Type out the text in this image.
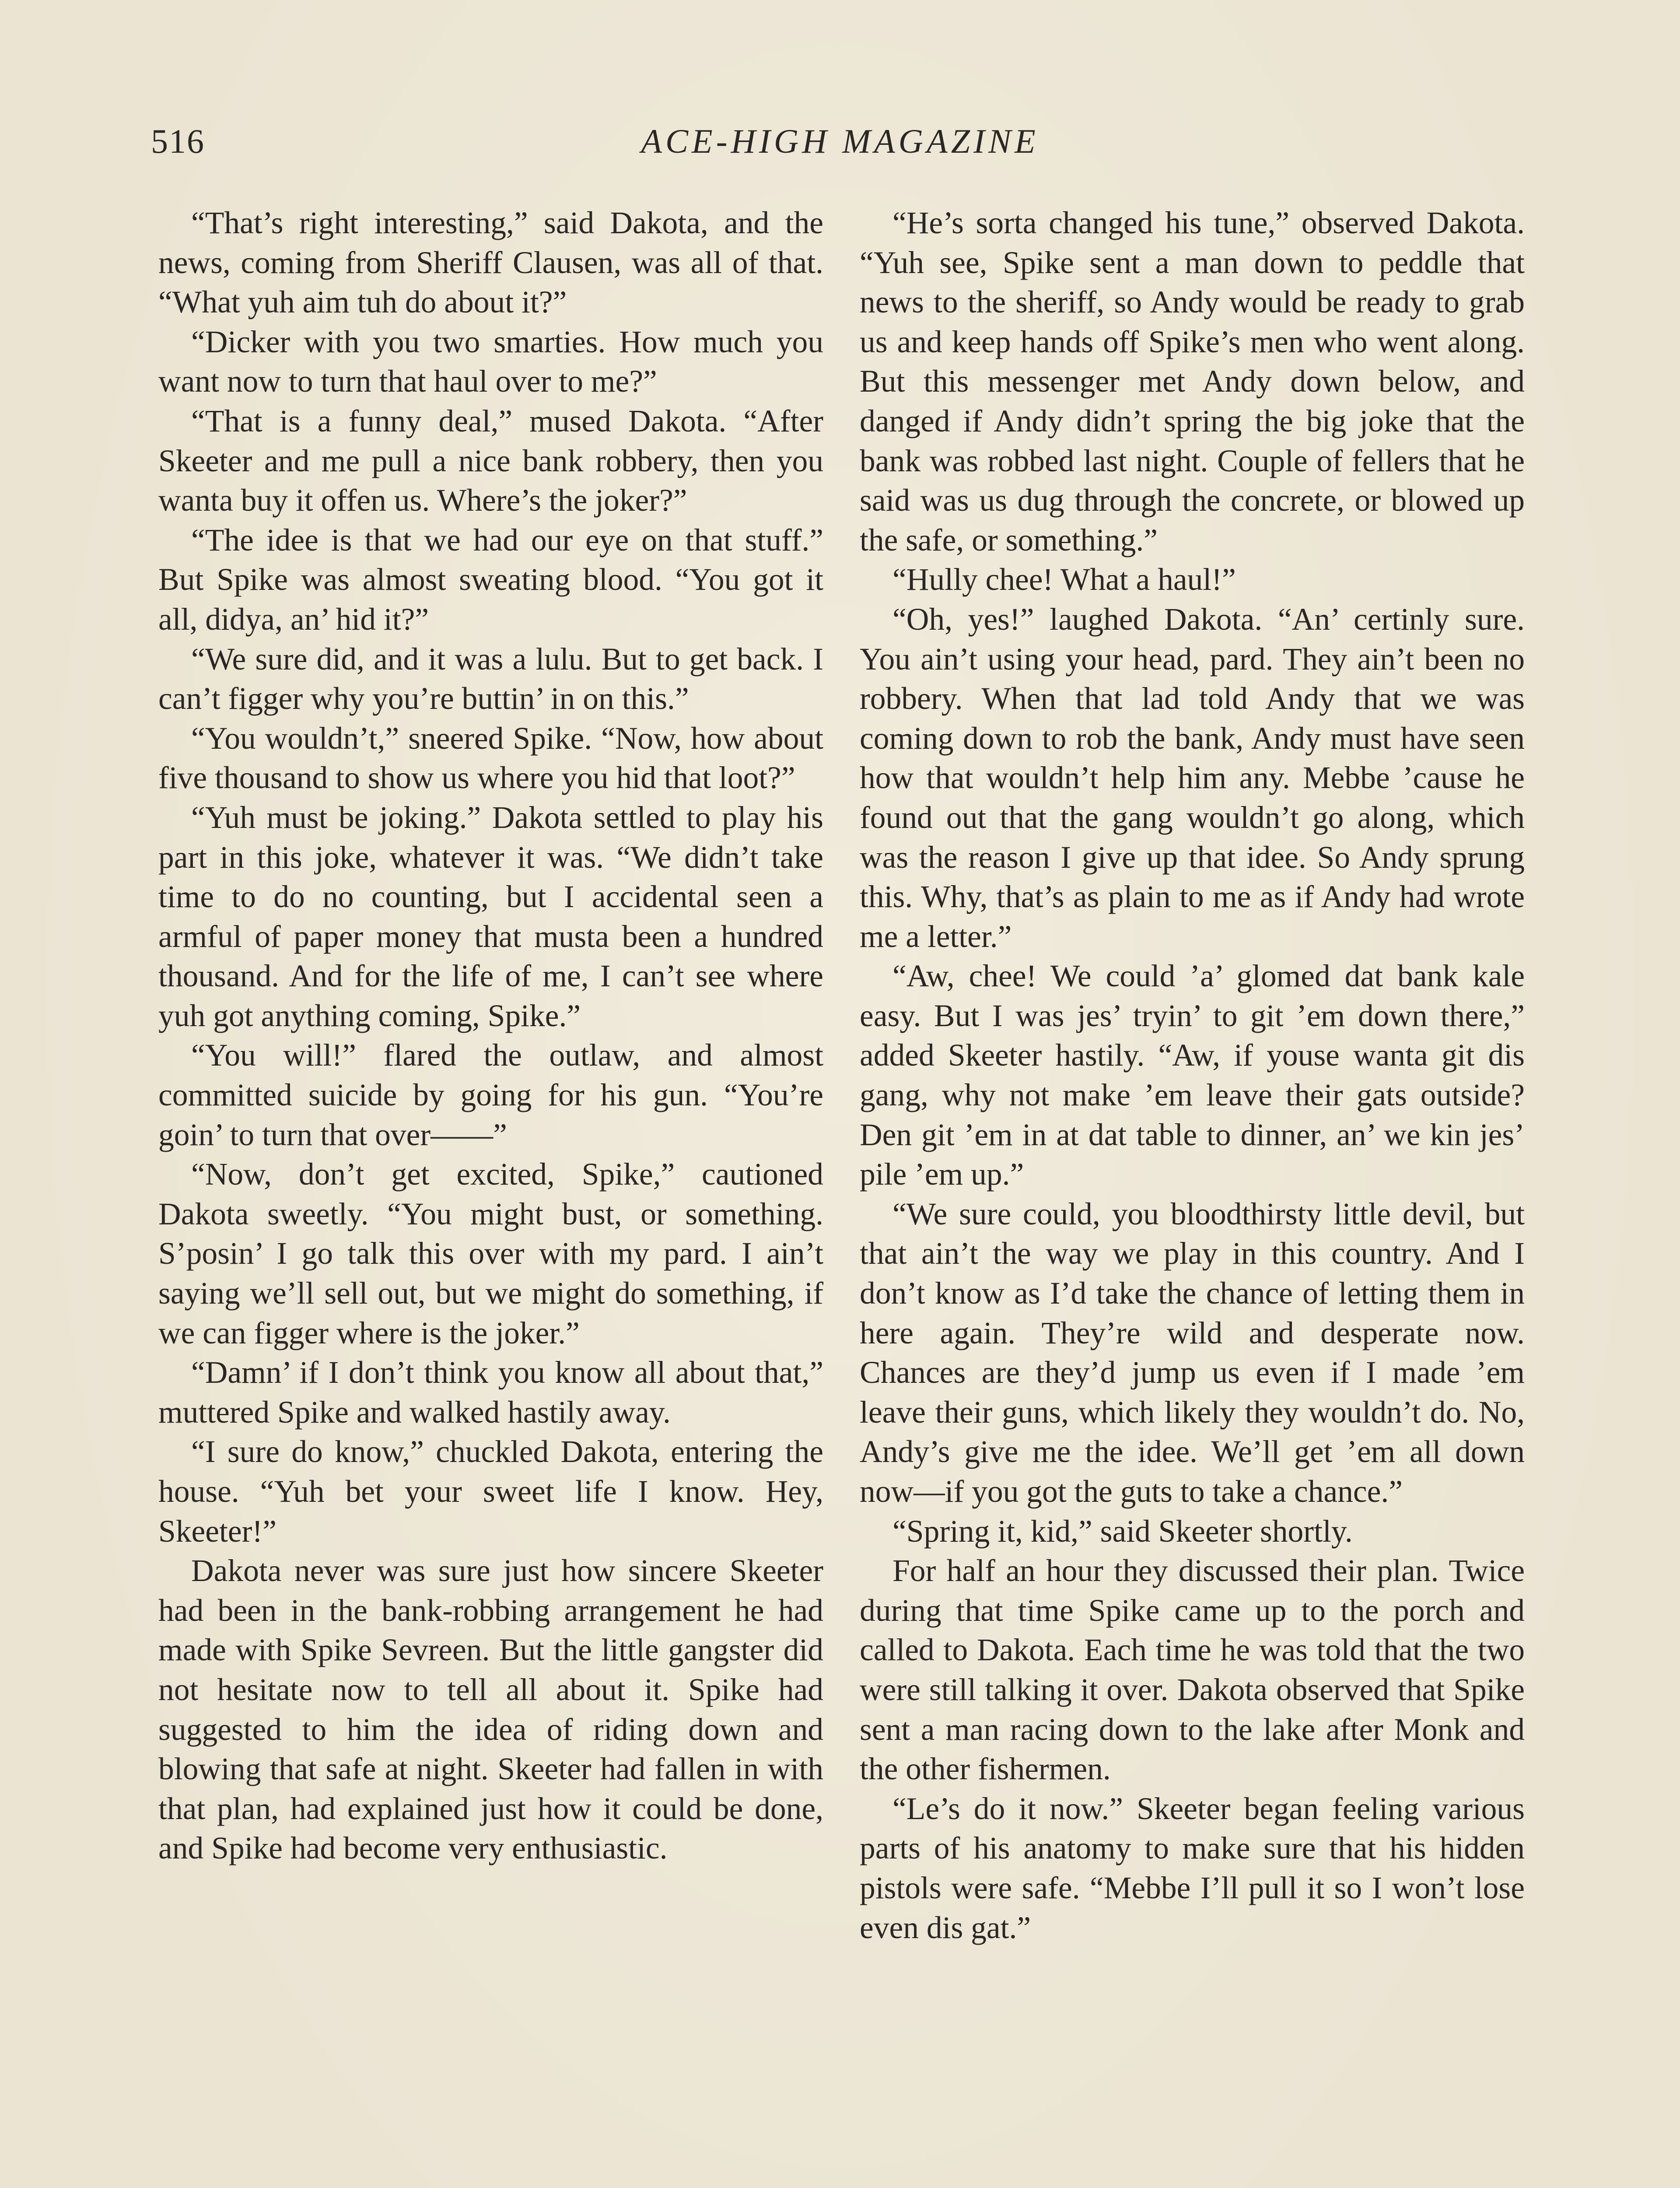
516	ACE-HIGH MAGAZINE

“That’s right interesting,” said Dakota, and the news, coming from Sheriff Clausen, was all of that. “What yuh aim tuh do about it?”

“Dicker with you two smarties. How much you want now to turn that haul over to me?”

“That is a funny deal,” mused Dakota. “After Skeeter and me pull a nice bank robbery, then you wanta buy it offen us. Where’s the joker?”

“The idee is that we had our eye on that stuff.” But Spike was almost sweating blood. “You got it all, didya, an’ hid it?”

“We sure did, and it was a lulu. But to get back. I can’t figger why you’re buttin’ in on this.”

“You wouldn’t,” sneered Spike. “Now, how about five thousand to show us where you hid that loot?”

“Yuh must be joking.” Dakota settled to play his part in this joke, whatever it was. “We didn’t take time to do no counting, but I accidental seen a armful of paper money that musta been a hundred thousand. And for the life of me, I can’t see where yuh got anything coming, Spike.”

“You will!” flared the outlaw, and almost committed suicide by going for his gun. “You’re goin’ to turn that over——”

“Now, don’t get excited, Spike,” cautioned Dakota sweetly. “You might bust, or something. S’posin’ I go talk this over with my pard. I ain’t saying we’ll sell out, but we might do something, if we can figger where is the joker.”

“Damn’ if I don’t think you know all about that,” muttered Spike and walked hastily away.

“I sure do know,” chuckled Dakota, entering the house. “Yuh bet your sweet life I know. Hey, Skeeter!”

Dakota never was sure just how sincere Skeeter had been in the bank-robbing arrangement he had made with Spike Sevreen. But the little gangster did not hesitate now to tell all about it. Spike had suggested to him the idea of riding down and blowing that safe at night. Skeeter had fallen in with that plan, had explained just how it could be done, and Spike had become very enthusiastic.

“He’s sorta changed his tune,” observed Dakota. “Yuh see, Spike sent a man down to peddle that news to the sheriff, so Andy would be ready to grab us and keep hands off Spike’s men who went along. But this messenger met Andy down below, and danged if Andy didn’t spring the big joke that the bank was robbed last night. Couple of fellers that he said was us dug through the concrete, or blowed up the safe, or something.”

“Hully chee! What a haul!”

“Oh, yes!” laughed Dakota. “An’ certinly sure. You ain’t using your head, pard. They ain’t been no robbery. When that lad told Andy that we was coming down to rob the bank, Andy must have seen how that wouldn’t help him any. Mebbe ’cause he found out that the gang wouldn’t go along, which was the reason I give up that idee. So Andy sprung this. Why, that’s as plain to me as if Andy had wrote me a letter.”

“Aw, chee! We could ’a’ glomed dat bank kale easy. But I was jes’ tryin’ to git ’em down there,” added Skeeter hastily. “Aw, if youse wanta git dis gang, why not make ’em leave their gats outside? Den git ’em in at dat table to dinner, an’ we kin jes’ pile ’em up.”

“We sure could, you bloodthirsty little devil, but that ain’t the way we play in this country. And I don’t know as I’d take the chance of letting them in here again. They’re wild and desperate now. Chances are they’d jump us even if I made ’em leave their guns, which likely they wouldn’t do. No, Andy’s give me the idee. We’ll get ’em all down now—if you got the guts to take a chance.”

“Spring it, kid,” said Skeeter shortly.

For half an hour they discussed their plan. Twice during that time Spike came up to the porch and called to Dakota. Each time he was told that the two were still talking it over. Dakota observed that Spike sent a man racing down to the lake after Monk and the other fishermen.

“Le’s do it now.” Skeeter began feeling various parts of his anatomy to make sure that his hidden pistols were safe. “Mebbe I’ll pull it so I won’t lose even dis gat.”
